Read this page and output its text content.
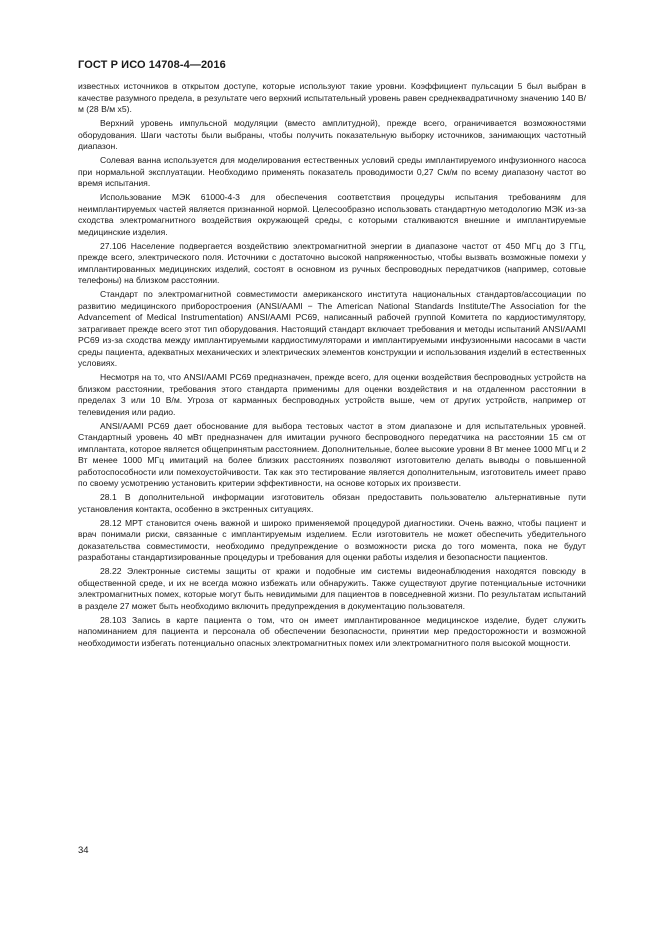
ГОСТ Р ИСО 14708-4—2016

известных источников в открытом доступе, которые используют такие уровни. Коэффициент пульсации 5 был выбран в качестве разумного предела, в результате чего верхний испытательный уровень равен среднеквадратичному значению 140 В/м (28 В/м х5).

Верхний уровень импульсной модуляции (вместо амплитудной), прежде всего, ограничивается возможностями оборудования. Шаги частоты были выбраны, чтобы получить показательную выборку источников, занимающих частотный диапазон.

Солевая ванна используется для моделирования естественных условий среды имплантируемого инфузионного насоса при нормальной эксплуатации. Необходимо применять показатель проводимости 0,27 См/м по всему диапазону частот во время испытания.

Использование МЭК 61000-4-3 для обеспечения соответствия процедуры испытания требованиям для неимплантируемых частей является признанной нормой. Целесообразно использовать стандартную методологию МЭК из-за сходства электромагнитного воздействия окружающей среды, с которыми сталкиваются внешние и имплантируемые медицинские изделия.

27.106 Население подвергается воздействию электромагнитной энергии в диапазоне частот от 450 МГц до 3 ГГц, прежде всего, электрического поля. Источники с достаточно высокой напряженностью, чтобы вызвать возможные помехи у имплантированных медицинских изделий, состоят в основном из ручных беспроводных передатчиков (например, сотовые телефоны) на близком расстоянии.

Стандарт по электромагнитной совместимости американского института национальных стандартов/ассоциации по развитию медицинского приборостроения (ANSI/AAMI − The American National Standards Institute/The Association for the Advancement of Medical Instrumentation) ANSI/AAMI PC69, написанный рабочей группой Комитета по кардиостимулятору, затрагивает прежде всего этот тип оборудования. Настоящий стандарт включает требования и методы испытаний ANSI/AAMI PC69 из-за сходства между имплантируемыми кардиостимуляторами и имплантируемыми инфузионными насосами в части среды пациента, адекватных механических и электрических элементов конструкции и использования изделий в естественных условиях.

Несмотря на то, что ANSI/AAMI PC69 предназначен, прежде всего, для оценки воздействия беспроводных устройств на близком расстоянии, требования этого стандарта применимы для оценки воздействия и на отдаленном расстоянии в пределах 3 или 10 В/м. Угроза от карманных беспроводных устройств выше, чем от других устройств, например от телевидения или радио.

ANSI/AAMI PC69 дает обоснование для выбора тестовых частот в этом диапазоне и для испытательных уровней. Стандартный уровень 40 мВт предназначен для имитации ручного беспроводного передатчика на расстоянии 15 см от имплантата, которое является общепринятым расстоянием. Дополнительные, более высокие уровни 8 Вт менее 1000 МГц и 2 Вт менее 1000 МГц имитаций на более близких расстояниях позволяют изготовителю делать выводы о повышенной работоспособности или помехоустойчивости. Так как это тестирование является дополнительным, изготовитель имеет право по своему усмотрению установить критерии эффективности, на основе которых их произвести.

28.1 В дополнительной информации изготовитель обязан предоставить пользователю альтернативные пути установления контакта, особенно в экстренных ситуациях.

28.12 МРТ становится очень важной и широко применяемой процедурой диагностики. Очень важно, чтобы пациент и врач понимали риски, связанные с имплантируемым изделием. Если изготовитель не может обеспечить убедительного доказательства совместимости, необходимо предупреждение о возможности риска до того момента, пока не будут разработаны стандартизированные процедуры и требования для оценки работы изделия и безопасности пациентов.

28.22 Электронные системы защиты от кражи и подобные им системы видеонаблюдения находятся повсюду в общественной среде, и их не всегда можно избежать или обнаружить. Также существуют другие потенциальные источники электромагнитных помех, которые могут быть невидимыми для пациентов в повседневной жизни. По результатам испытаний в разделе 27 может быть необходимо включить предупреждения в документацию пользователя.

28.103 Запись в карте пациента о том, что он имеет имплантированное медицинское изделие, будет служить напоминанием для пациента и персонала об обеспечении безопасности, принятии мер предосторожности и возможной необходимости избегать потенциально опасных электромагнитных помех или электромагнитного поля высокой мощности.

34
